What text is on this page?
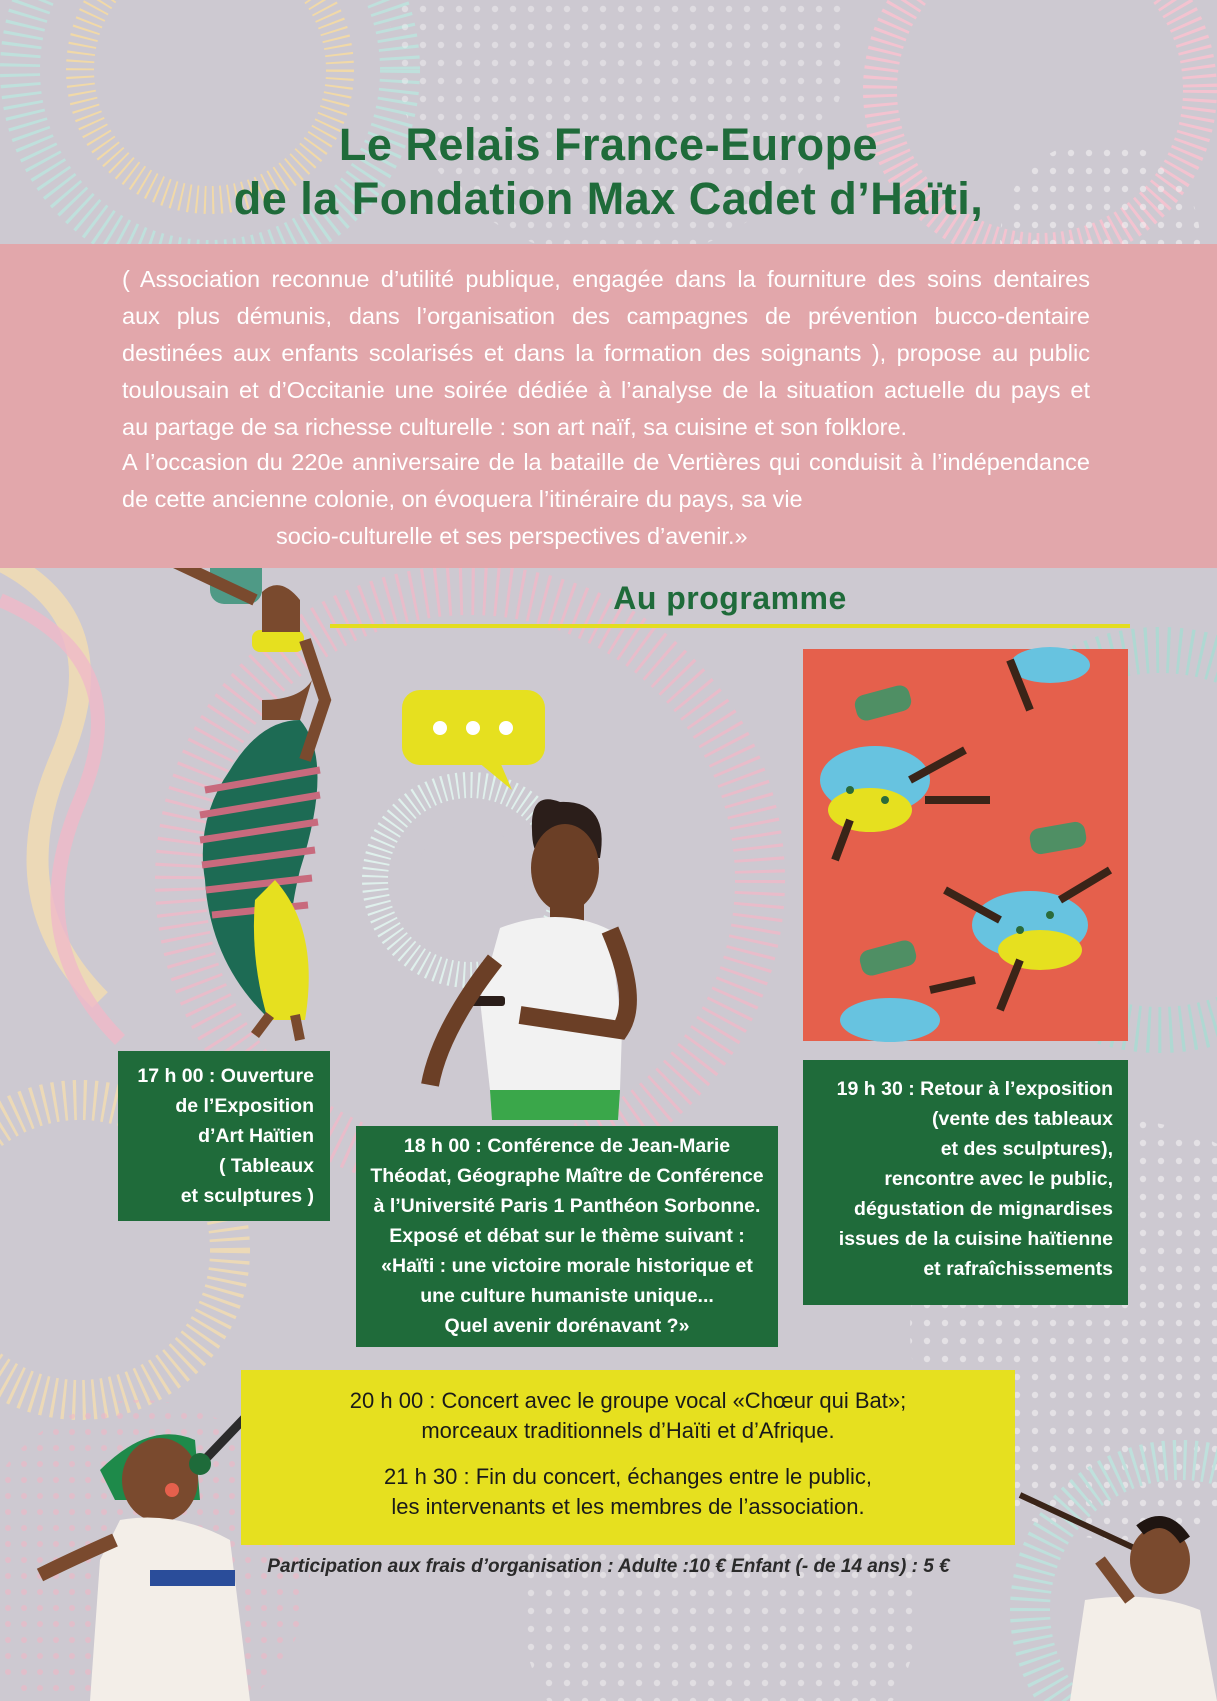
Le Relais France-Europe
de la Fondation Max Cadet d’Haïti,
( Association reconnue d’utilité publique, engagée dans la fourniture des soins dentaires
aux plus démunis, dans l’organisation des campagnes de prévention bucco-dentaire
destinées aux enfants scolarisés et dans la formation des soignants ), propose au public
toulousain et d’Occitanie une soirée dédiée à l’analyse de la situation actuelle du pays et
au partage de sa richesse culturelle : son art naïf, sa cuisine et son folklore.
A l’occasion du 220e anniversaire de la bataille de Vertières qui conduisit à l’indépendance
de cette ancienne colonie, on évoquera l’itinéraire du pays, sa vie
socio-culturelle et ses perspectives d’avenir.»
Au programme
17 h 00 : Ouverture
de l’Exposition
d’Art Haïtien
( Tableaux
et sculptures )
18 h 00 : Conférence de Jean-Marie
Théodat, Géographe Maître de Conférence
à l’Université Paris 1 Panthéon Sorbonne.
Exposé et débat sur le thème suivant :
«Haïti : une victoire morale historique et
une culture humaniste unique...
Quel avenir dorénavant ?»
19 h 30 : Retour à l’exposition
(vente des tableaux
et des sculptures),
rencontre avec le public,
dégustation de mignardises
issues de la cuisine haïtienne
et rafraîchissements
20 h 00 : Concert avec le groupe vocal «Chœur qui Bat»;
morceaux traditionnels d’Haïti et d’Afrique.
21 h 30 : Fin du concert, échanges entre le public,
les intervenants et les membres de l’association.
Participation aux frais d’organisation : Adulte :10 € Enfant (- de 14 ans) : 5 €
